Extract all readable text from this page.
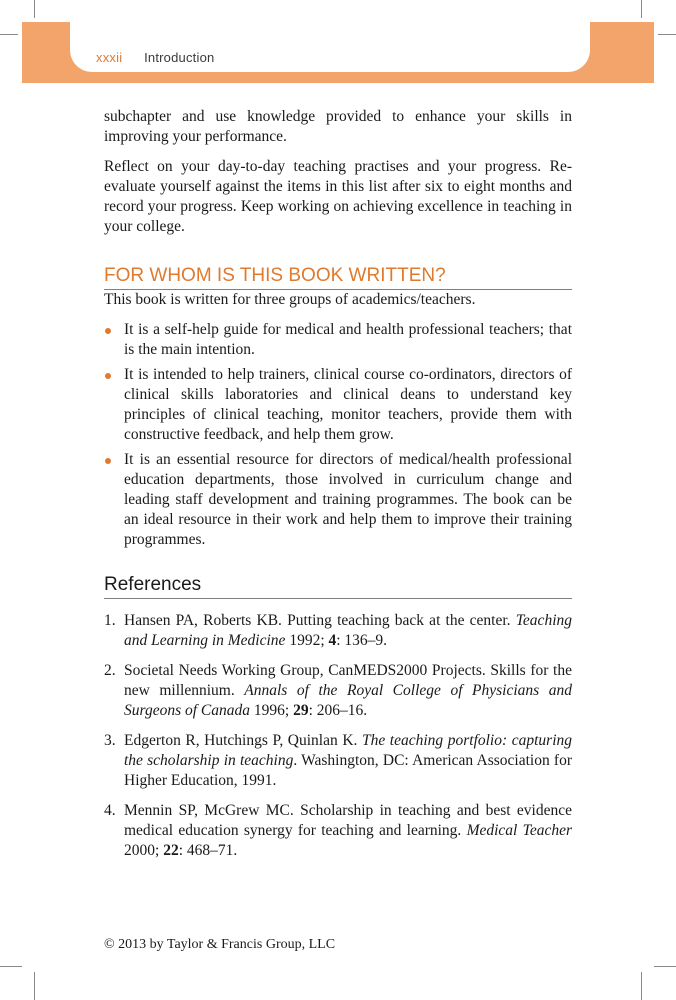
xxxii Introduction

subchapter and use knowledge provided to enhance your skills in improving your performance.

Reflect on your day-to-day teaching practises and your progress. Re-evaluate yourself against the items in this list after six to eight months and record your progress. Keep working on achieving excellence in teaching in your college.

FOR WHOM IS THIS BOOK WRITTEN?

This book is written for three groups of academics/teachers.

It is a self-help guide for medical and health professional teachers; that is the main intention.
It is intended to help trainers, clinical course co-ordinators, directors of clinical skills laboratories and clinical deans to understand key principles of clinical teaching, monitor teachers, provide them with constructive feedback, and help them grow.
It is an essential resource for directors of medical/health professional education departments, those involved in curriculum change and leading staff development and training programmes. The book can be an ideal resource in their work and help them to improve their training programmes.
References
1. Hansen PA, Roberts KB. Putting teaching back at the center. Teaching and Learning in Medicine 1992; 4: 136–9.
2. Societal Needs Working Group, CanMEDS2000 Projects. Skills for the new millennium. Annals of the Royal College of Physicians and Surgeons of Canada 1996; 29: 206–16.
3. Edgerton R, Hutchings P, Quinlan K. The teaching portfolio: capturing the scholarship in teaching. Washington, DC: American Association for Higher Education, 1991.
4. Mennin SP, McGrew MC. Scholarship in teaching and best evidence medical education synergy for teaching and learning. Medical Teacher 2000; 22: 468–71.
© 2013 by Taylor & Francis Group, LLC
